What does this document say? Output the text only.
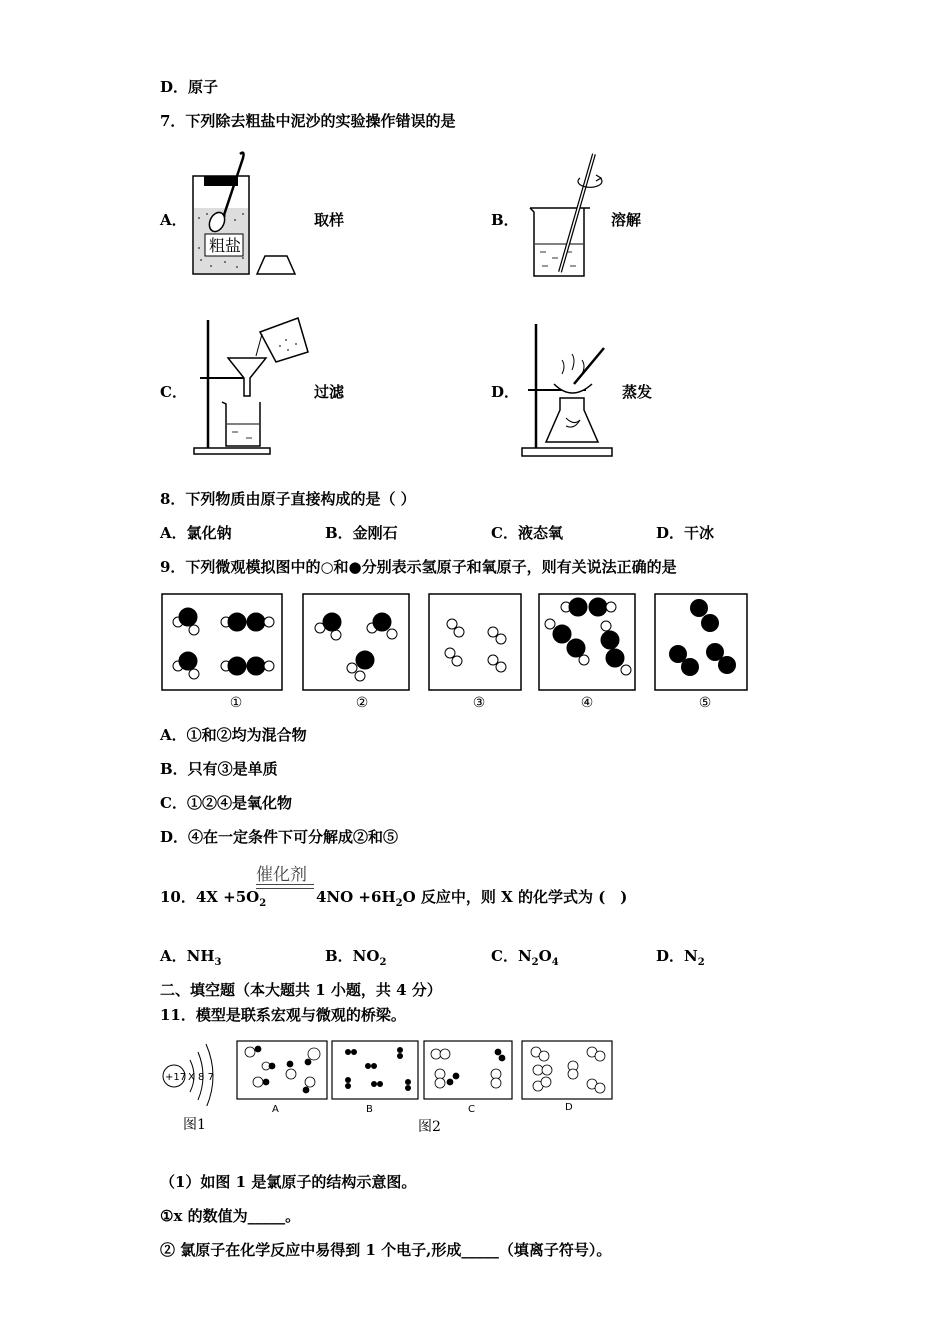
D．原子
7．下列除去粗盐中泥沙的实验操作错误的是
A．	取样	B．	溶解
C．	过滤	D．	蒸发
粗盐
8．下列物质由原子直接构成的是（ ）
A．氯化钠	B．金刚石	C．液态氧	D．干冰
9．下列微观模拟图中的○和●分别表示氢原子和氧原子，则有关说法正确的是
①	②	③	④	⑤
A．①和②均为混合物
B．只有③是单质
C．①②④是氧化物
D．④在一定条件下可分解成②和⑤
10．$4X +5O_2$
催化剂
$4NO +6H_2O$ 反应中，则 X 的化学式为 (　)
A．$NH_3$	B．$NO_2$	C．$N_2O_4$	D．$N_2$
二、填空题（本大题共 1 小题，共 4 分）
11．模型是联系宏观与微观的桥梁。
+17 X 8 7
图1
A	B	C	D
图2
（1）如图 1 是氯原子的结构示意图。
①x 的数值为_____。
② 氯原子在化学反应中易得到 1 个电子,形成_____（填离子符号）。
